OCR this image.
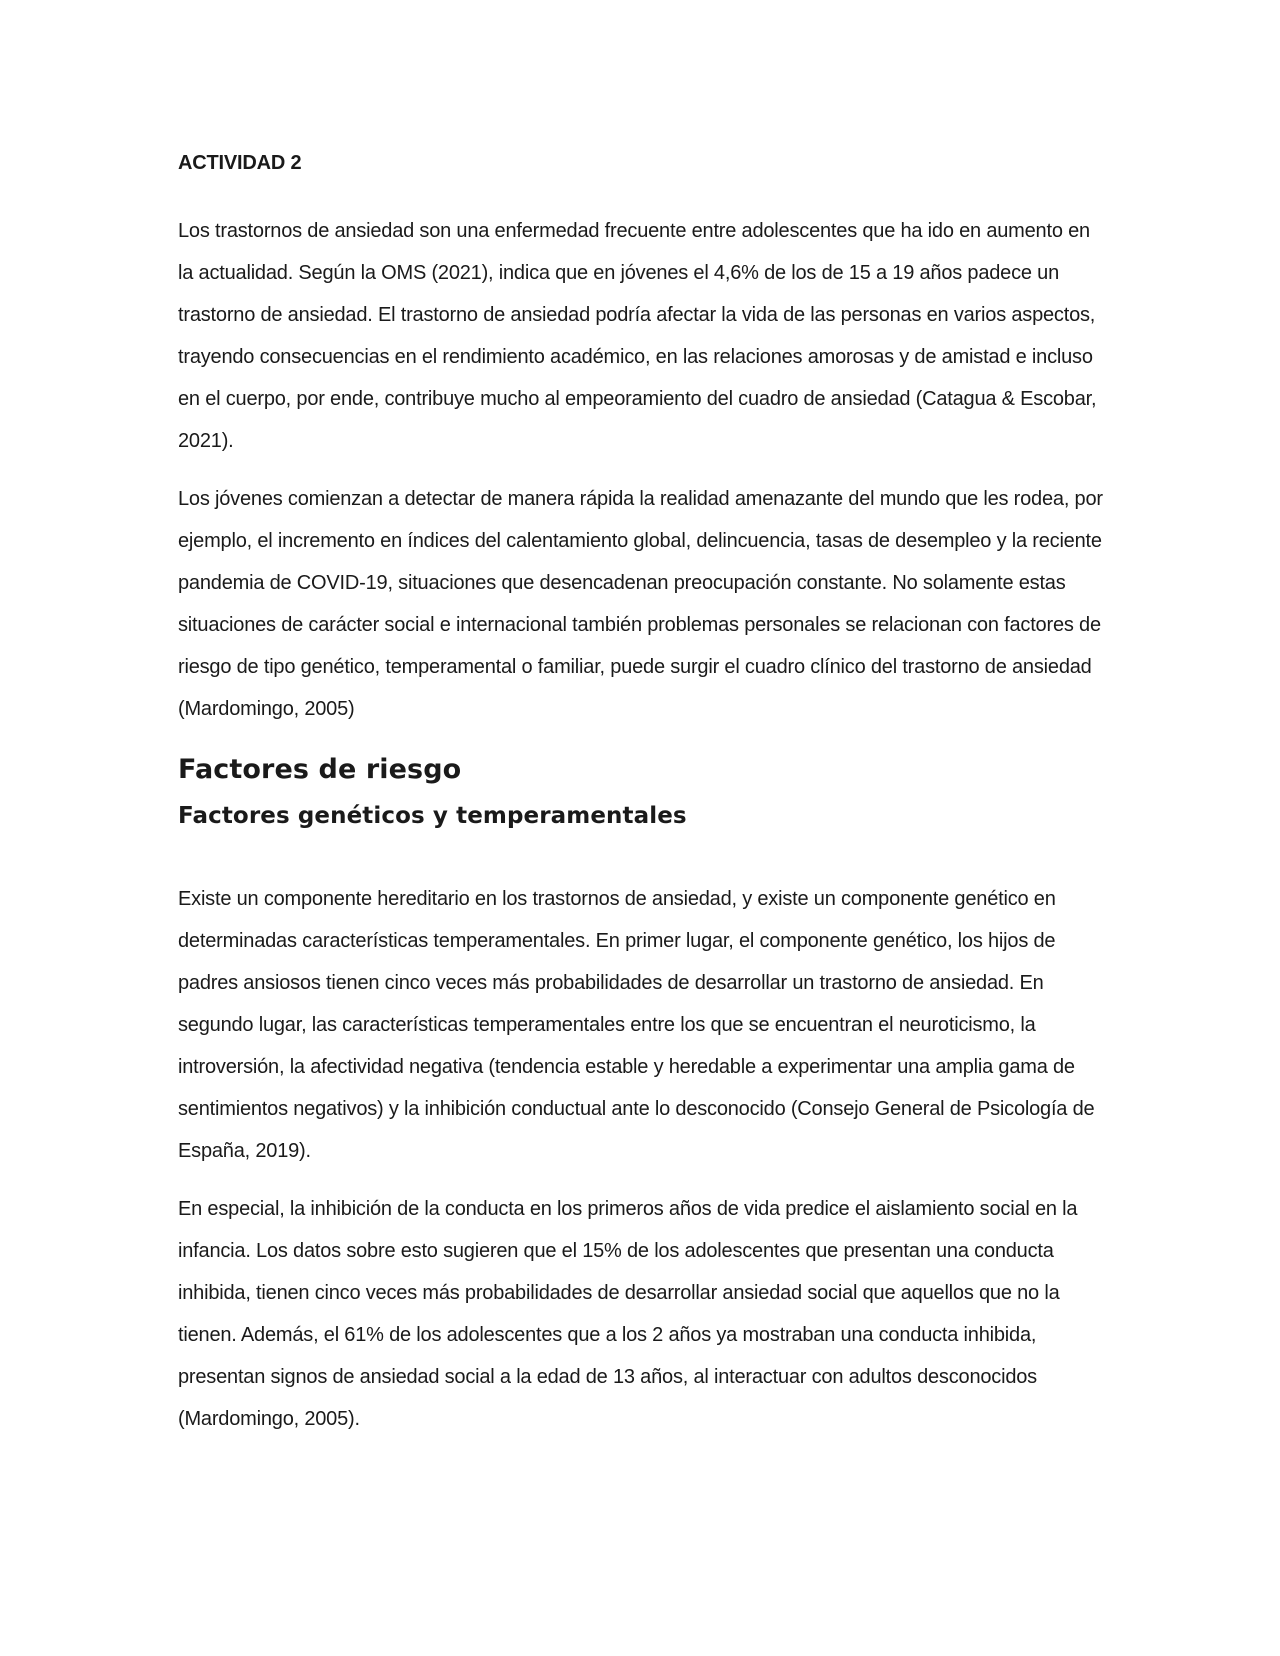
ACTIVIDAD 2

Los trastornos de ansiedad son una enfermedad frecuente entre adolescentes que ha ido en aumento en la actualidad. Según la OMS (2021), indica que en jóvenes el 4,6% de los de 15 a 19 años padece un trastorno de ansiedad. El trastorno de ansiedad podría afectar la vida de las personas en varios aspectos, trayendo consecuencias en el rendimiento académico, en las relaciones amorosas y de amistad e incluso en el cuerpo, por ende, contribuye mucho al empeoramiento del cuadro de ansiedad (Catagua & Escobar, 2021).

Los jóvenes comienzan a detectar de manera rápida la realidad amenazante del mundo que les rodea, por ejemplo, el incremento en índices del calentamiento global, delincuencia, tasas de desempleo y la reciente pandemia de COVID-19, situaciones que desencadenan preocupación constante. No solamente estas situaciones de carácter social e internacional también problemas personales se relacionan con factores de riesgo de tipo genético, temperamental o familiar, puede surgir el cuadro clínico del trastorno de ansiedad (Mardomingo, 2005)

Factores de riesgo
Factores genéticos y temperamentales

Existe un componente hereditario en los trastornos de ansiedad, y existe un componente genético en determinadas características temperamentales. En primer lugar, el componente genético, los hijos de padres ansiosos tienen cinco veces más probabilidades de desarrollar un trastorno de ansiedad. En segundo lugar, las características temperamentales entre los que se encuentran el neuroticismo, la introversión, la afectividad negativa (tendencia estable y heredable a experimentar una amplia gama de sentimientos negativos) y la inhibición conductual ante lo desconocido (Consejo General de Psicología de España, 2019).

En especial, la inhibición de la conducta en los primeros años de vida predice el aislamiento social en la infancia. Los datos sobre esto sugieren que el 15% de los adolescentes que presentan una conducta inhibida, tienen cinco veces más probabilidades de desarrollar ansiedad social que aquellos que no la tienen. Además, el 61% de los adolescentes que a los 2 años ya mostraban una conducta inhibida, presentan signos de ansiedad social a la edad de 13 años, al interactuar con adultos desconocidos (Mardomingo, 2005).
